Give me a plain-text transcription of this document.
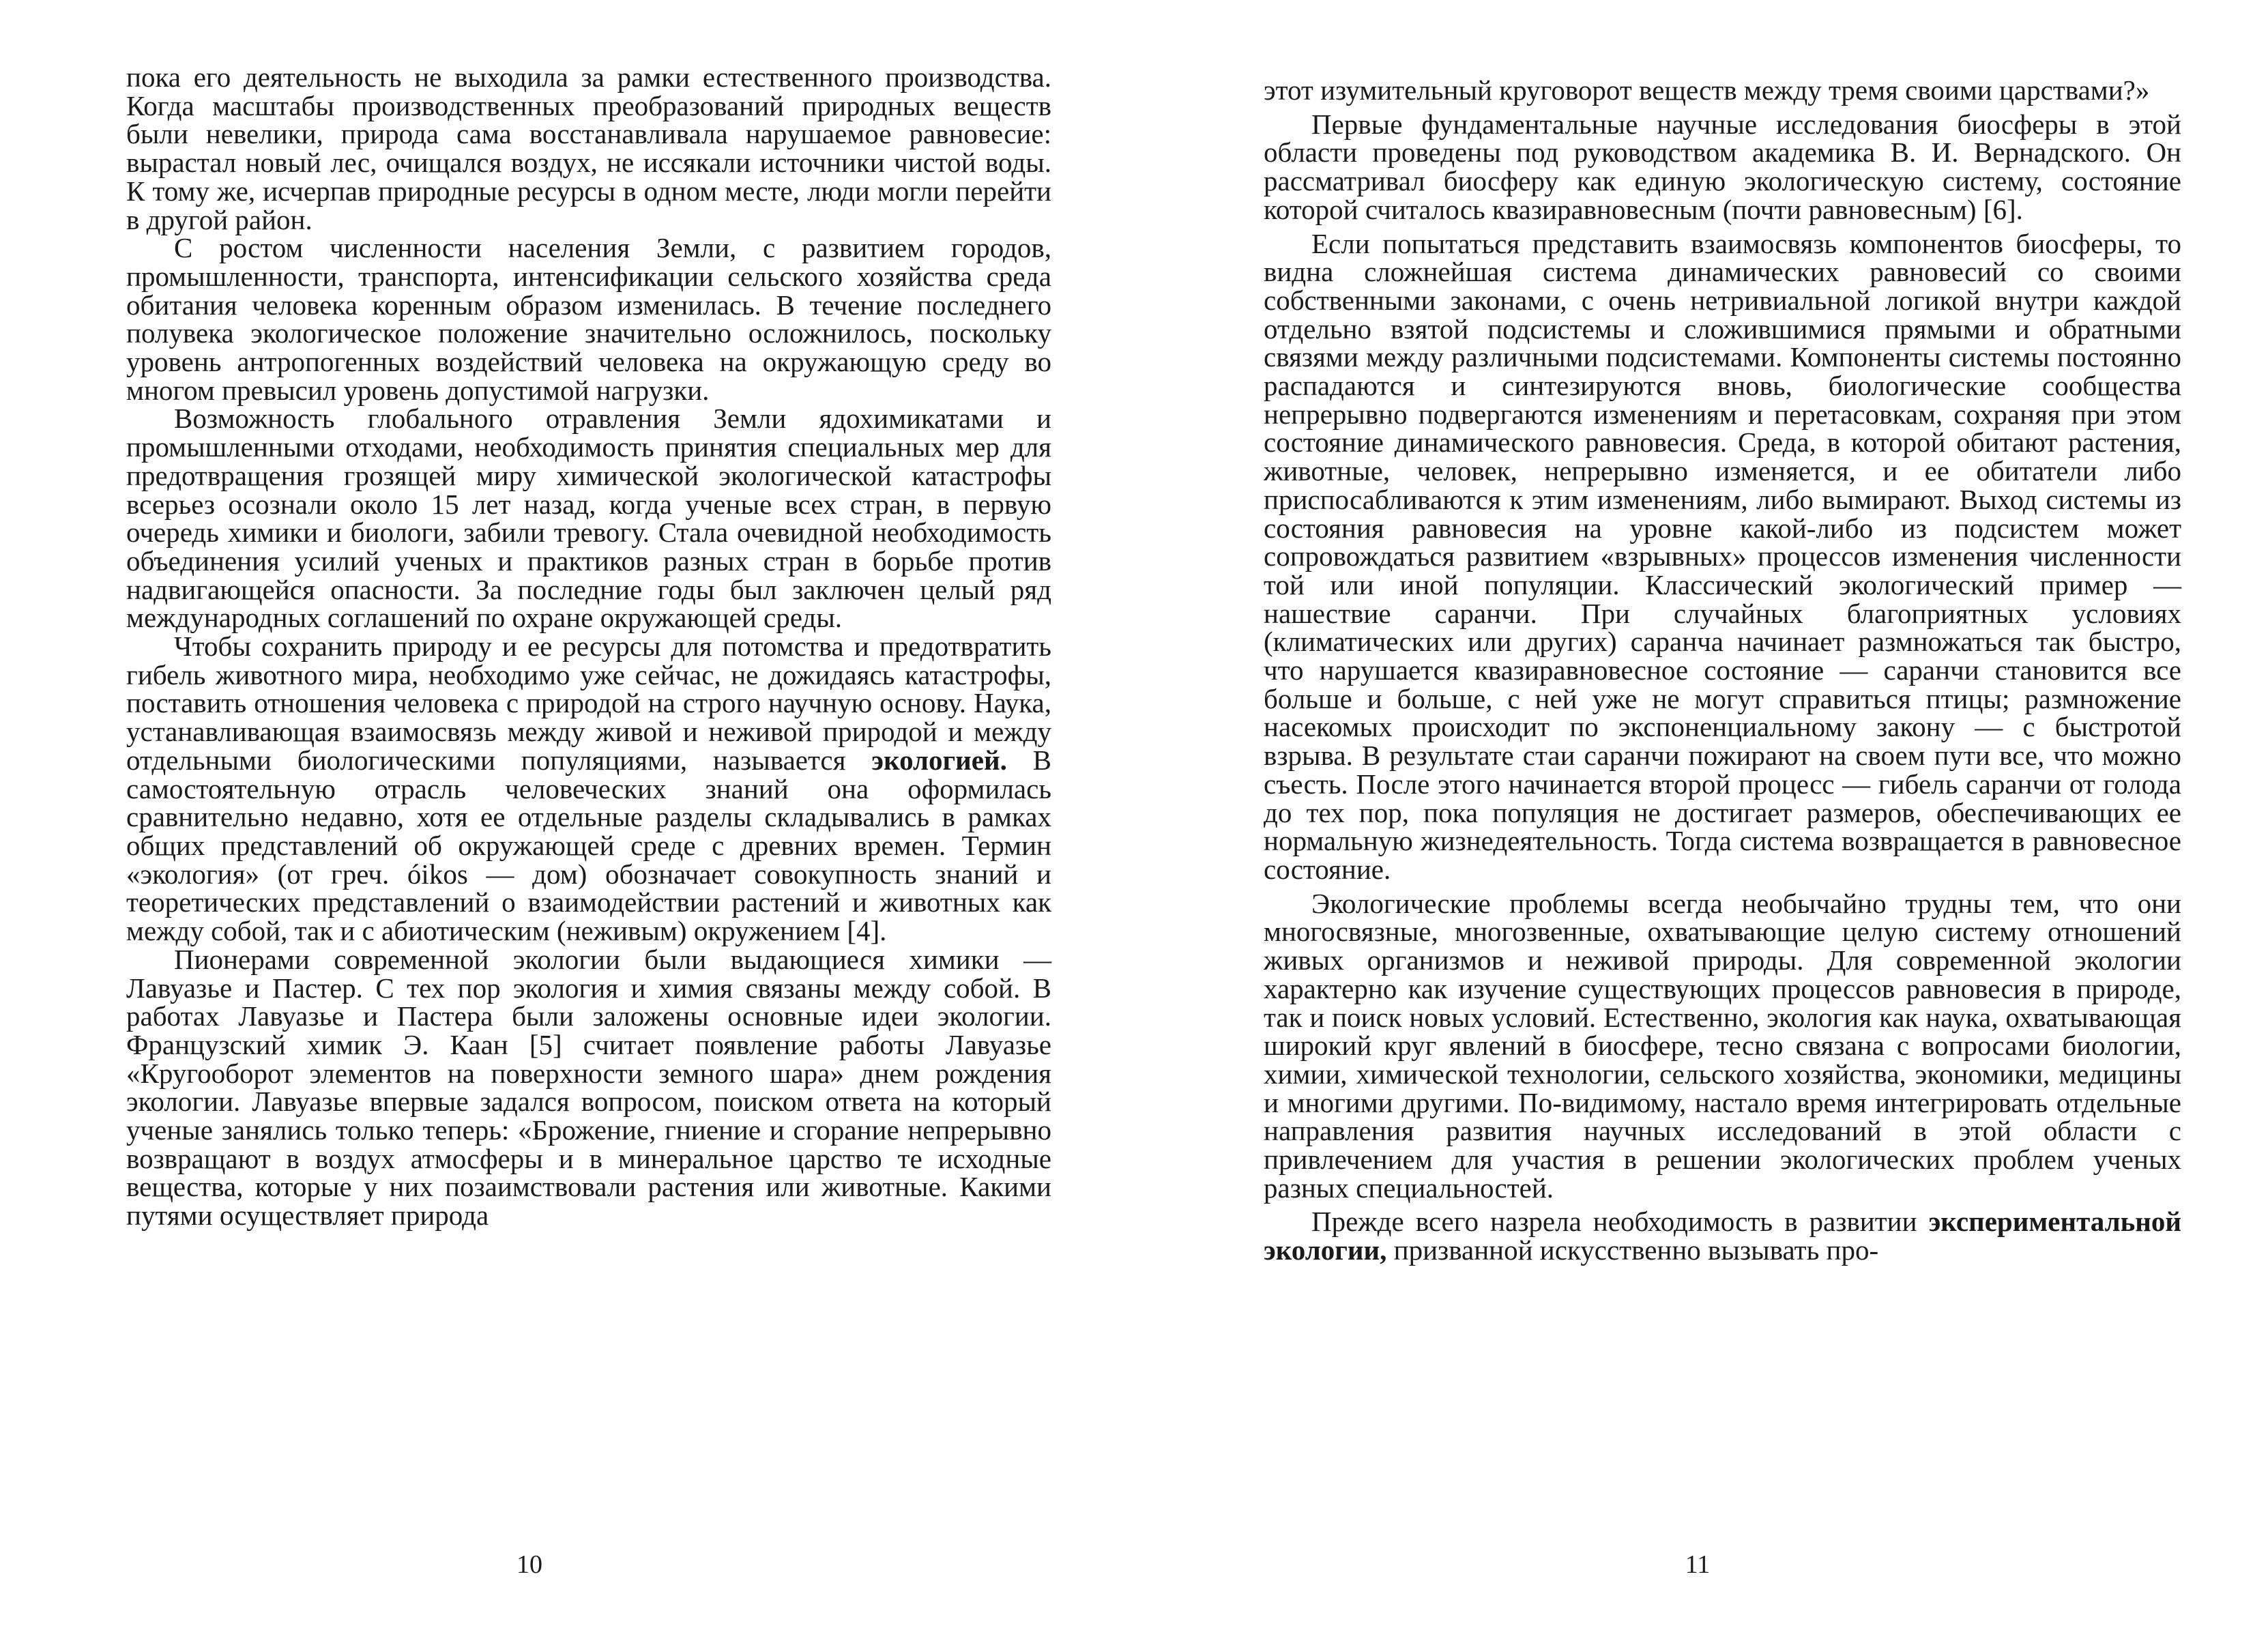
пока его деятельность не выходила за рамки естественного производства. Когда масштабы производственных преобразований природных веществ были невелики, природа сама восстанавливала нарушаемое равновесие: вырастал новый лес, очищался воздух, не иссякали источники чистой воды. К тому же, исчерпав природные ресурсы в одном месте, люди могли перейти в другой район.

С ростом численности населения Земли, с развитием городов, промышленности, транспорта, интенсификации сельского хозяйства среда обитания человека коренным образом изменилась. В течение последнего полувека экологическое положение значительно осложнилось, поскольку уровень антропогенных воздействий человека на окружающую среду во многом превысил уровень допустимой нагрузки.

Возможность глобального отравления Земли ядохимикатами и промышленными отходами, необходимость принятия специальных мер для предотвращения грозящей миру химической экологической катастрофы всерьез осознали около 15 лет назад, когда ученые всех стран, в первую очередь химики и биологи, забили тревогу. Стала очевидной необходимость объединения усилий ученых и практиков разных стран в борьбе против надвигающейся опасности. За последние годы был заключен целый ряд международных соглашений по охране окружающей среды.

Чтобы сохранить природу и ее ресурсы для потомства и предотвратить гибель животного мира, необходимо уже сейчас, не дожидаясь катастрофы, поставить отношения человека с природой на строго научную основу. Наука, устанавливающая взаимосвязь между живой и неживой природой и между отдельными биологическими популяциями, называется экологией. В самостоятельную отрасль человеческих знаний она оформилась сравнительно недавно, хотя ее отдельные разделы складывались в рамках общих представлений об окружающей среде с древних времен. Термин «экология» (от греч. óikos — дом) обозначает совокупность знаний и теоретических представлений о взаимодействии растений и животных как между собой, так и с абиотическим (неживым) окружением [4].

Пионерами современной экологии были выдающиеся химики — Лавуазье и Пастер. С тех пор экология и химия связаны между собой. В работах Лавуазье и Пастера были заложены основные идеи экологии. Французский химик Э. Каан [5] считает появление работы Лавуазье «Кругооборот элементов на поверхности земного шара» днем рождения экологии. Лавуазье впервые задался вопросом, поиском ответа на который ученые занялись только теперь: «Брожение, гниение и сгорание непрерывно возвращают в воздух атмосферы и в минеральное царство те исходные вещества, которые у них позаимствовали растения или животные. Какими путями осуществляет природа

10

этот изумительный круговорот веществ между тремя своими царствами?»

Первые фундаментальные научные исследования биосферы в этой области проведены под руководством академика В. И. Вернадского. Он рассматривал биосферу как единую экологическую систему, состояние которой считалось квазиравновесным (почти равновесным) [6].

Если попытаться представить взаимосвязь компонентов биосферы, то видна сложнейшая система динамических равновесий со своими собственными законами, с очень нетривиальной логикой внутри каждой отдельно взятой подсистемы и сложившимися прямыми и обратными связями между различными подсистемами. Компоненты системы постоянно распадаются и синтезируются вновь, биологические сообщества непрерывно подвергаются изменениям и перетасовкам, сохраняя при этом состояние динамического равновесия. Среда, в которой обитают растения, животные, человек, непрерывно изменяется, и ее обитатели либо приспосабливаются к этим изменениям, либо вымирают. Выход системы из состояния равновесия на уровне какой-либо из подсистем может сопровождаться развитием «взрывных» процессов изменения численности той или иной популяции. Классический экологический пример — нашествие саранчи. При случайных благоприятных условиях (климатических или других) саранча начинает размножаться так быстро, что нарушается квазиравновесное состояние — саранчи становится все больше и больше, с ней уже не могут справиться птицы; размножение насекомых происходит по экспоненциальному закону — с быстротой взрыва. В результате стаи саранчи пожирают на своем пути все, что можно съесть. После этого начинается второй процесс — гибель саранчи от голода до тех пор, пока популяция не достигает размеров, обеспечивающих ее нормальную жизнедеятельность. Тогда система возвращается в равновесное состояние.

Экологические проблемы всегда необычайно трудны тем, что они многосвязные, многозвенные, охватывающие целую систему отношений живых организмов и неживой природы. Для современной экологии характерно как изучение существующих процессов равновесия в природе, так и поиск новых условий. Естественно, экология как наука, охватывающая широкий круг явлений в биосфере, тесно связана с вопросами биологии, химии, химической технологии, сельского хозяйства, экономики, медицины и многими другими. По-видимому, настало время интегрировать отдельные направления развития научных исследований в этой области с привлечением для участия в решении экологических проблем ученых разных специальностей.

Прежде всего назрела необходимость в развитии экспериментальной экологии, призванной искусственно вызывать про-

11
